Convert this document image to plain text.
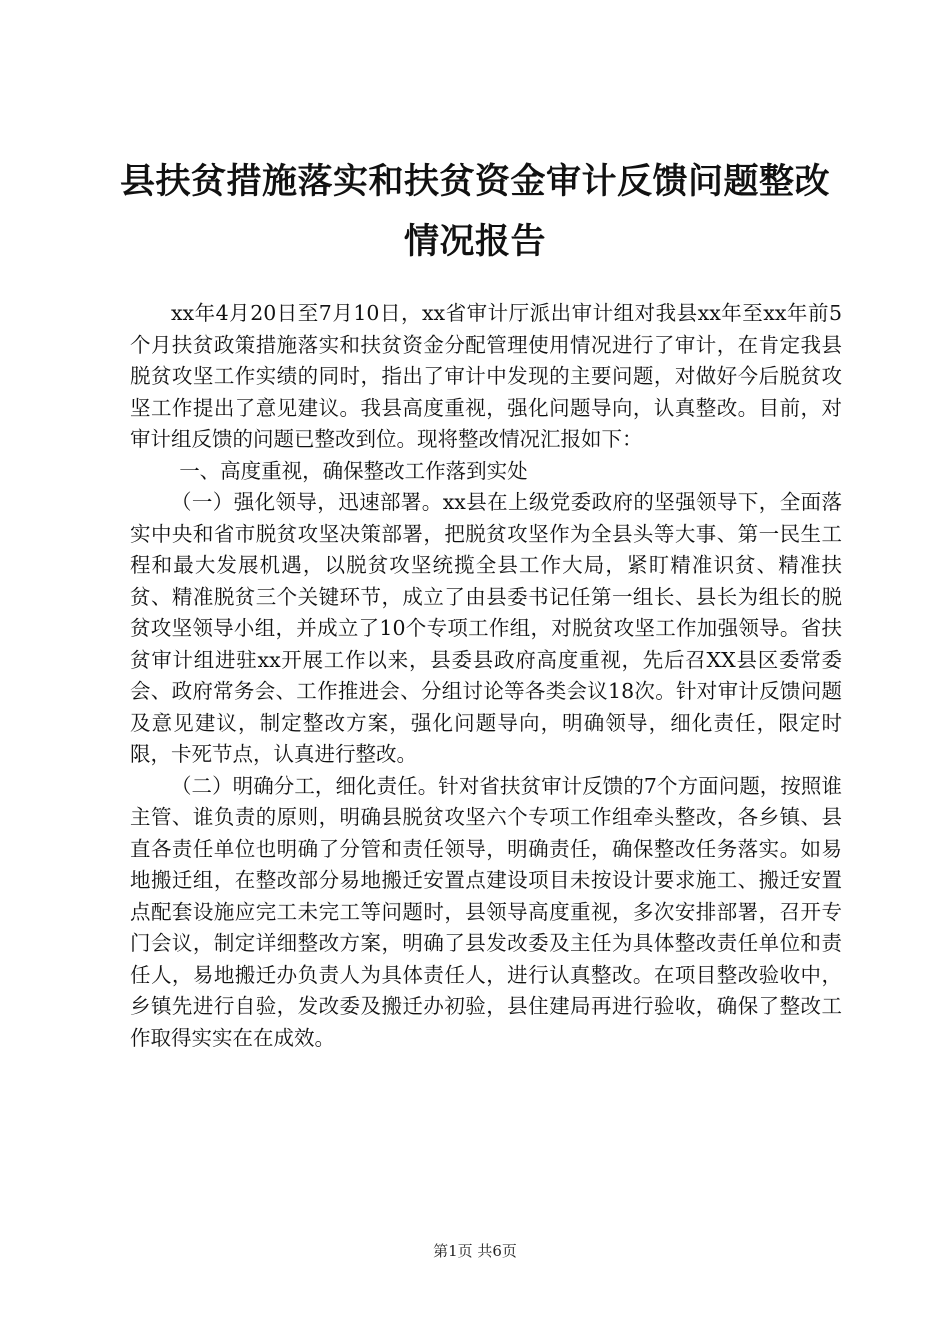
县扶贫措施落实和扶贫资金审计反馈问题整改
情况报告

xx年4月20日至7月10日，xx省审计厅派出审计组对我县xx年至xx年前5个月扶贫政策措施落实和扶贫资金分配管理使用情况进行了审计，在肯定我县脱贫攻坚工作实绩的同时，指出了审计中发现的主要问题，对做好今后脱贫攻坚工作提出了意见建议。我县高度重视，强化问题导向，认真整改。目前，对审计组反馈的问题已整改到位。现将整改情况汇报如下：

一、高度重视，确保整改工作落到实处

（一）强化领导，迅速部署。xx县在上级党委政府的坚强领导下，全面落实中央和省市脱贫攻坚决策部署，把脱贫攻坚作为全县头等大事、第一民生工程和最大发展机遇，以脱贫攻坚统揽全县工作大局，紧盯精准识贫、精准扶贫、精准脱贫三个关键环节，成立了由县委书记任第一组长、县长为组长的脱贫攻坚领导小组，并成立了10个专项工作组，对脱贫攻坚工作加强领导。省扶贫审计组进驻xx开展工作以来，县委县政府高度重视，先后召XX县区委常委会、政府常务会、工作推进会、分组讨论等各类会议18次。针对审计反馈问题及意见建议，制定整改方案，强化问题导向，明确领导，细化责任，限定时限，卡死节点，认真进行整改。

（二）明确分工，细化责任。针对省扶贫审计反馈的7个方面问题，按照谁主管、谁负责的原则，明确县脱贫攻坚六个专项工作组牵头整改，各乡镇、县直各责任单位也明确了分管和责任领导，明确责任，确保整改任务落实。如易地搬迁组，在整改部分易地搬迁安置点建设项目未按设计要求施工、搬迁安置点配套设施应完工未完工等问题时，县领导高度重视，多次安排部署，召开专门会议，制定详细整改方案，明确了县发改委及主任为具体整改责任单位和责任人，易地搬迁办负责人为具体责任人，进行认真整改。在项目整改验收中，乡镇先进行自验，发改委及搬迁办初验，县住建局再进行验收，确保了整改工作取得实实在在成效。

第1页 共6页
